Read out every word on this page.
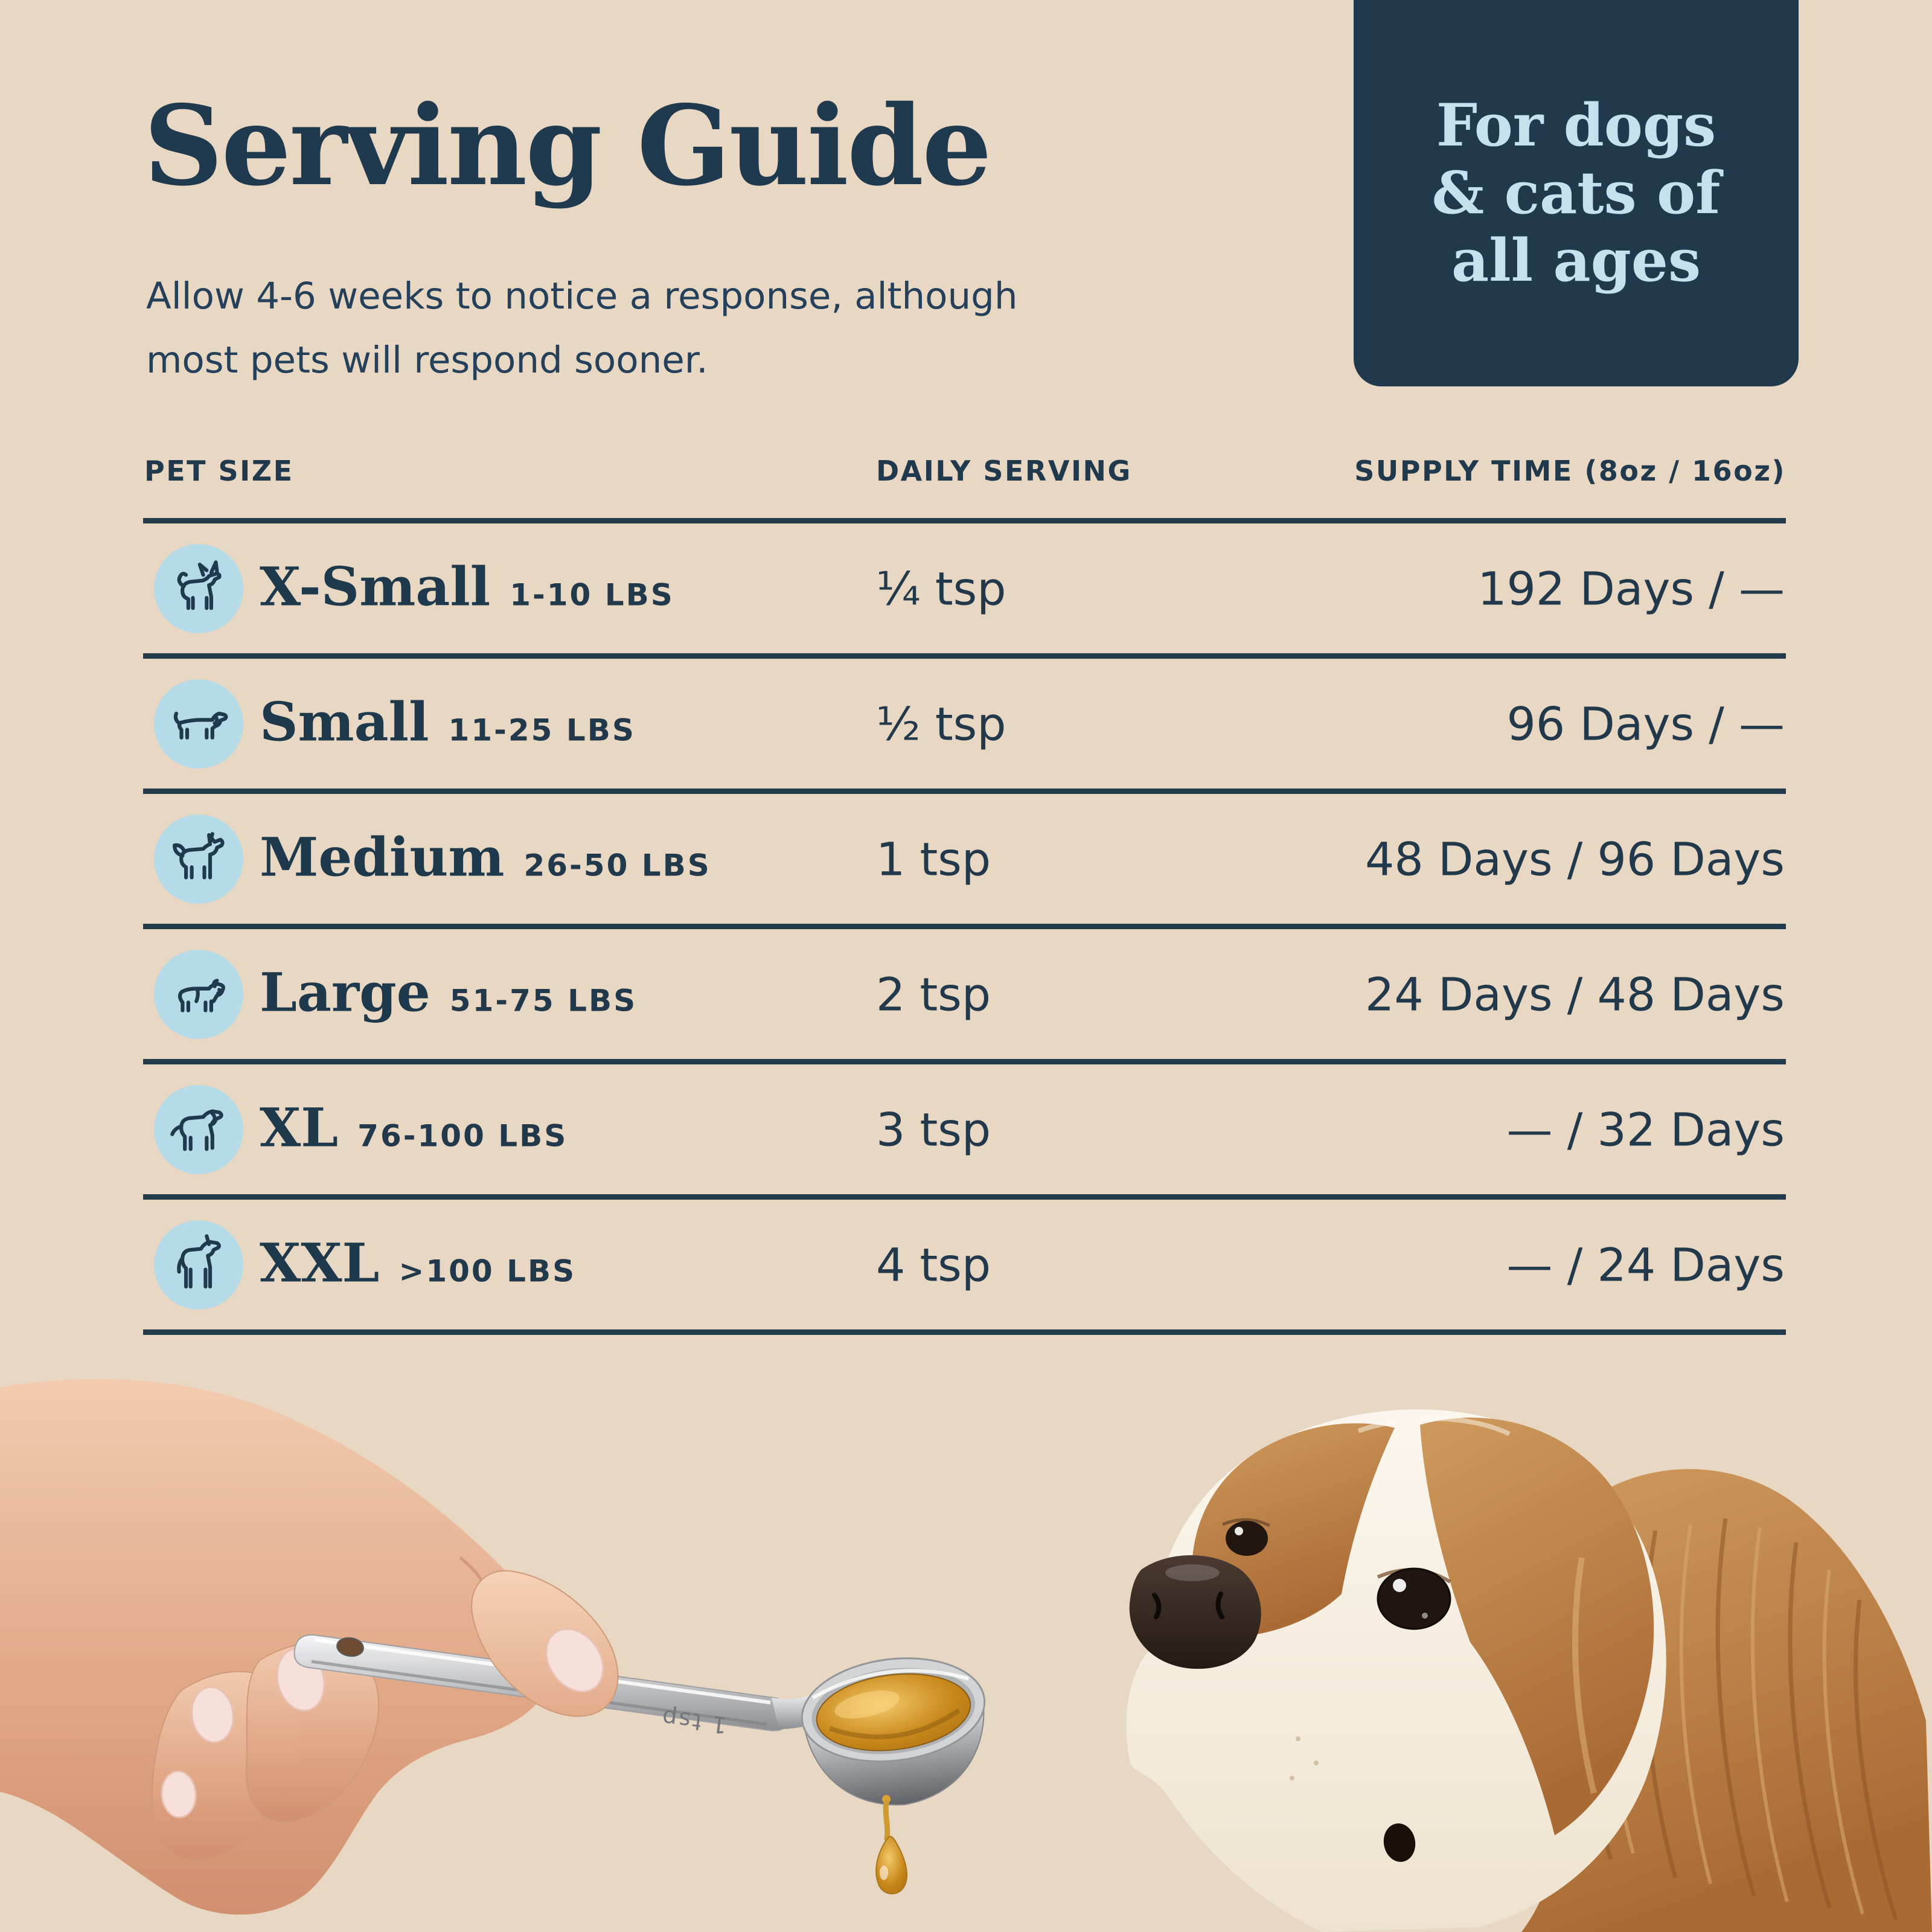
Serving Guide

Allow 4-6 weeks to notice a response, although
most pets will respond sooner.

For dogs
& cats of
all ages
PET SIZE	DAILY SERVING	SUPPLY TIME (8oz / 16oz)
X-Small 1-10 LBS	¼ tsp	192 Days / —
Small 11-25 LBS	½ tsp	96 Days / —
Medium 26-50 LBS	1 tsp	48 Days / 96 Days
Large 51-75 LBS	2 tsp	24 Days / 48 Days
XL 76-100 LBS	3 tsp	— / 32 Days
XXL >100 LBS	4 tsp	— / 24 Days
1 tsp
